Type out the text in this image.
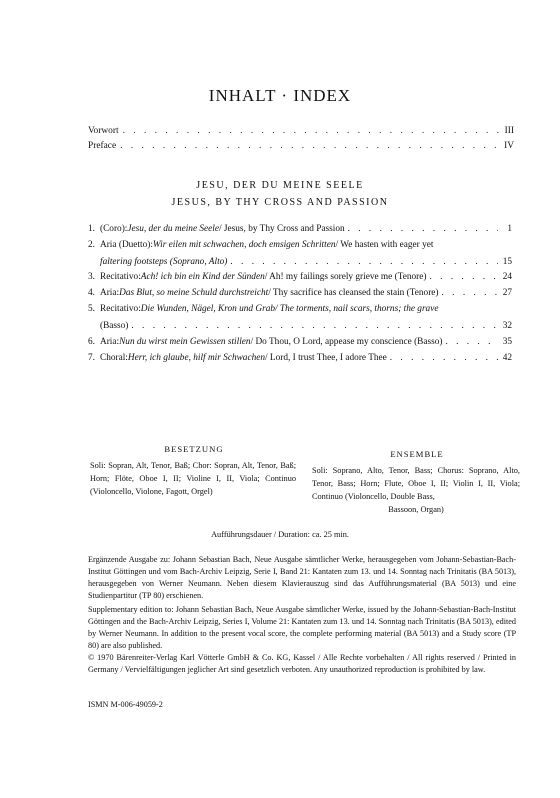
INHALT · INDEX
Vorwort . . .	III
Preface . . .	IV
JESU, DER DU MEINE SEELE
JESUS, BY THY CROSS AND PASSION
1. (Coro): Jesu, der du meine Seele / Jesus, by Thy Cross and Passion . . .	1
2. Aria (Duetto): Wir eilen mit schwachen, doch emsigen Schritten / We hasten with eager yet
faltering footsteps (Soprano, Alto) . . .	15
3. Recitativo: Ach! ich bin ein Kind der Sünden / Ah! my failings sorely grieve me (Tenore) . . .	24
4. Aria: Das Blut, so meine Schuld durchstreicht / Thy sacrifice has cleansed the stain (Tenore) . . .	27
5. Recitativo: Die Wunden, Nägel, Kron und Grab / The torments, nail scars, thorns; the grave
(Basso) . . .	32
6. Aria: Nun du wirst mein Gewissen stillen / Do Thou, O Lord, appease my conscience (Basso) . . .	35
7. Choral: Herr, ich glaube, hilf mir Schwachen / Lord, I trust Thee, I adore Thee . . .	42
BESETZUNG
Soli: Sopran, Alt, Tenor, Baß; Chor: Sopran, Alt, Tenor, Baß; Horn; Flöte, Oboe I, II; Violine I, II, Viola; Continuo (Violoncello, Violone, Fagott, Orgel)
ENSEMBLE
Soli: Soprano, Alto, Tenor, Bass; Chorus: Soprano, Alto, Tenor, Bass; Horn; Flute, Oboe I, II; Violin I, II, Viola; Continuo (Violoncello, Double Bass,
Bassoon, Organ)
Aufführungsdauer / Duration: ca. 25 min.
Ergänzende Ausgabe zu: Johann Sebastian Bach, Neue Ausgabe sämtlicher Werke, herausgegeben vom Johann-Sebastian-Bach-Institut Göttingen und vom Bach-Archiv Leipzig, Serie I, Band 21: Kantaten zum 13. und 14. Sonntag nach Trinitatis (BA 5013), herausgegeben von Werner Neumann. Neben diesem Klavierauszug sind das Aufführungsmaterial (BA 5013) und eine Studienpartitur (TP 80) erschienen.
Supplementary edition to: Johann Sebastian Bach, Neue Ausgabe sämtlicher Werke, issued by the Johann-Sebastian-Bach-Institut Göttingen and the Bach-Archiv Leipzig, Series I, Volume 21: Kantaten zum 13. und 14. Sonntag nach Trinitatis (BA 5013), edited by Werner Neumann. In addition to the present vocal score, the complete performing material (BA 5013) and a Study score (TP 80) are also published.
© 1970 Bärenreiter-Verlag Karl Vötterle GmbH & Co. KG, Kassel / Alle Rechte vorbehalten / All rights reserved / Printed in Germany / Vervielfältigungen jeglicher Art sind gesetzlich verboten. Any unauthorized reproduction is prohibited by law.
ISMN M-006-49059-2
